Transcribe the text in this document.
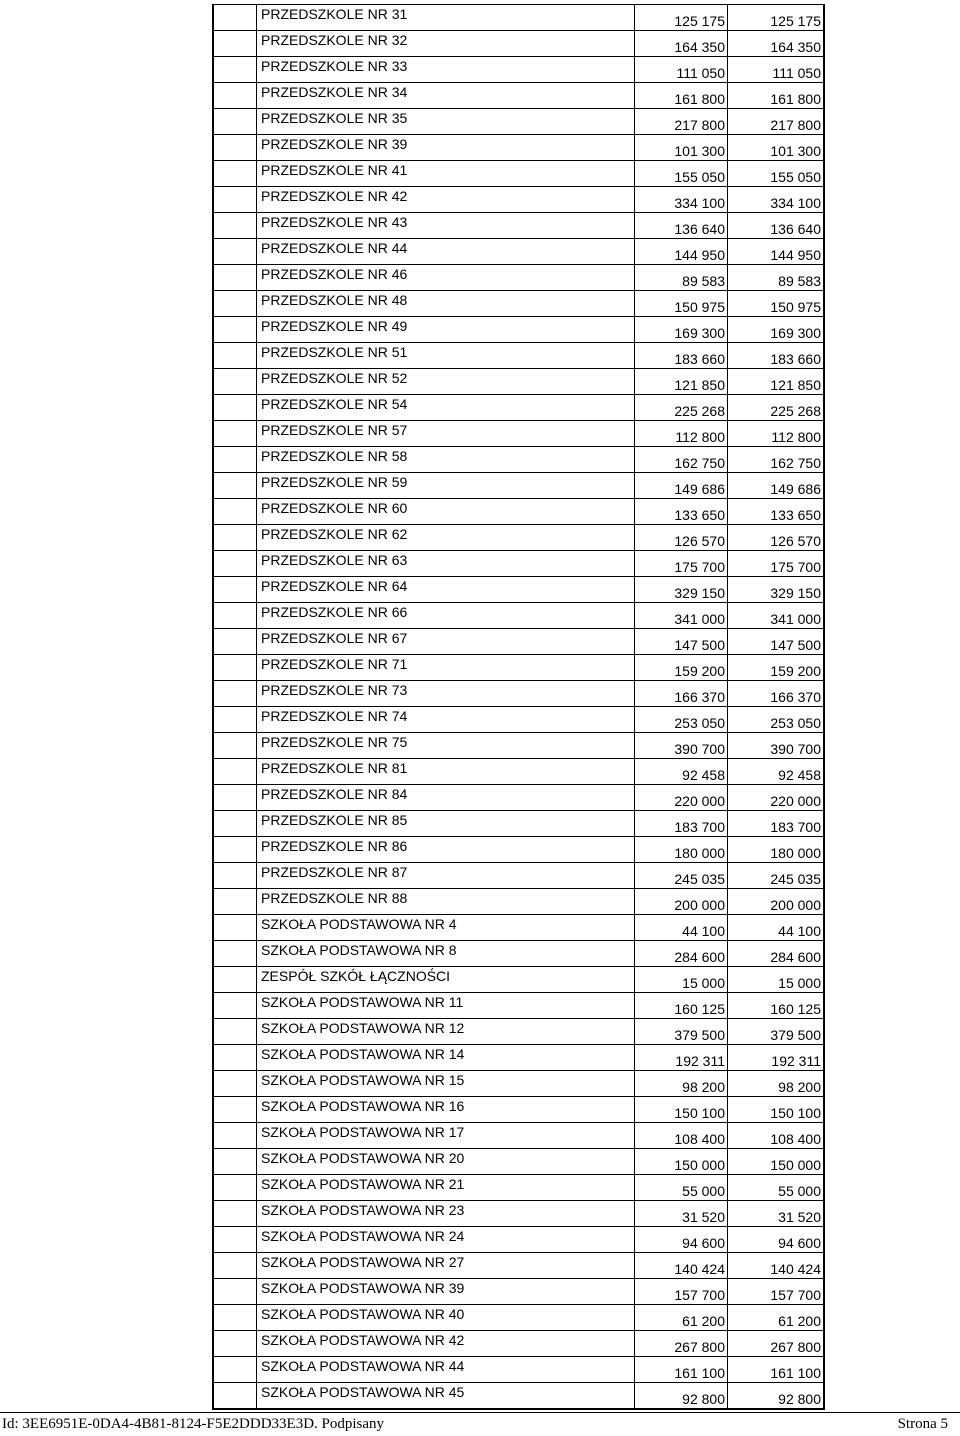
	PRZEDSZKOLE NR 31	125 175	125 175
	PRZEDSZKOLE NR 32	164 350	164 350
	PRZEDSZKOLE NR 33	111 050	111 050
	PRZEDSZKOLE NR 34	161 800	161 800
	PRZEDSZKOLE NR 35	217 800	217 800
	PRZEDSZKOLE NR 39	101 300	101 300
	PRZEDSZKOLE NR 41	155 050	155 050
	PRZEDSZKOLE NR 42	334 100	334 100
	PRZEDSZKOLE NR 43	136 640	136 640
	PRZEDSZKOLE NR 44	144 950	144 950
	PRZEDSZKOLE NR 46	89 583	89 583
	PRZEDSZKOLE NR 48	150 975	150 975
	PRZEDSZKOLE NR 49	169 300	169 300
	PRZEDSZKOLE NR 51	183 660	183 660
	PRZEDSZKOLE NR 52	121 850	121 850
	PRZEDSZKOLE NR 54	225 268	225 268
	PRZEDSZKOLE NR 57	112 800	112 800
	PRZEDSZKOLE NR 58	162 750	162 750
	PRZEDSZKOLE NR 59	149 686	149 686
	PRZEDSZKOLE NR 60	133 650	133 650
	PRZEDSZKOLE NR 62	126 570	126 570
	PRZEDSZKOLE NR 63	175 700	175 700
	PRZEDSZKOLE NR 64	329 150	329 150
	PRZEDSZKOLE NR 66	341 000	341 000
	PRZEDSZKOLE NR 67	147 500	147 500
	PRZEDSZKOLE NR 71	159 200	159 200
	PRZEDSZKOLE NR 73	166 370	166 370
	PRZEDSZKOLE NR 74	253 050	253 050
	PRZEDSZKOLE NR 75	390 700	390 700
	PRZEDSZKOLE NR 81	92 458	92 458
	PRZEDSZKOLE NR 84	220 000	220 000
	PRZEDSZKOLE NR 85	183 700	183 700
	PRZEDSZKOLE NR 86	180 000	180 000
	PRZEDSZKOLE NR 87	245 035	245 035
	PRZEDSZKOLE NR 88	200 000	200 000
	SZKOŁA PODSTAWOWA NR 4	44 100	44 100
	SZKOŁA PODSTAWOWA NR 8	284 600	284 600
	ZESPÓŁ SZKÓŁ ŁĄCZNOŚCI	15 000	15 000
	SZKOŁA PODSTAWOWA NR 11	160 125	160 125
	SZKOŁA PODSTAWOWA NR 12	379 500	379 500
	SZKOŁA PODSTAWOWA NR 14	192 311	192 311
	SZKOŁA PODSTAWOWA NR 15	98 200	98 200
	SZKOŁA PODSTAWOWA NR 16	150 100	150 100
	SZKOŁA PODSTAWOWA NR 17	108 400	108 400
	SZKOŁA PODSTAWOWA NR 20	150 000	150 000
	SZKOŁA PODSTAWOWA NR 21	55 000	55 000
	SZKOŁA PODSTAWOWA NR 23	31 520	31 520
	SZKOŁA PODSTAWOWA NR 24	94 600	94 600
	SZKOŁA PODSTAWOWA NR 27	140 424	140 424
	SZKOŁA PODSTAWOWA NR 39	157 700	157 700
	SZKOŁA PODSTAWOWA NR 40	61 200	61 200
	SZKOŁA PODSTAWOWA NR 42	267 800	267 800
	SZKOŁA PODSTAWOWA NR 44	161 100	161 100
	SZKOŁA PODSTAWOWA NR 45	92 800	92 800
Id: 3EE6951E-0DA4-4B81-8124-F5E2DDD33E3D. Podpisany	Strona 5
